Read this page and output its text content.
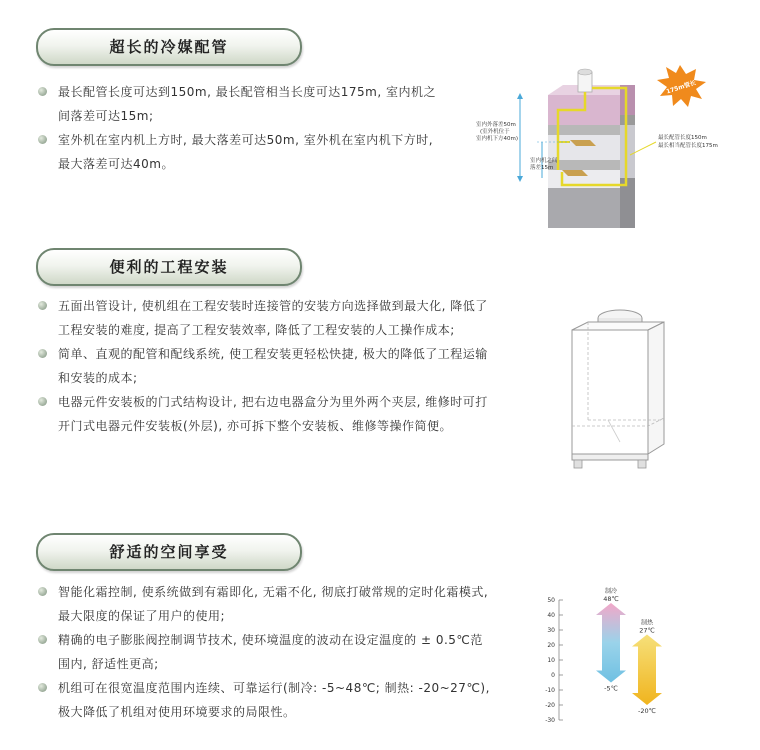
超长的冷媒配管
最长配管长度可达到150m, 最长配管相当长度可达175m, 室内机之间落差可达15m;
室外机在室内机上方时, 最大落差可达50m, 室外机在室内机下方时, 最大落差可达40m。
室内外落差50m
(室外机位于
室内机下方40m)
室内机之间
落差15m
最长配管长度150m
最长相当配管长度175m
175m管长
便利的工程安装
五面出管设计, 使机组在工程安装时连接管的安装方向选择做到最大化, 降低了工程安装的难度, 提高了工程安装效率, 降低了工程安装的人工操作成本;
简单、直观的配管和配线系统, 使工程安装更轻松快捷, 极大的降低了工程运输和安装的成本;
电器元件安装板的门式结构设计, 把右边电器盒分为里外两个夹层, 维修时可打开门式电器元件安装板(外层), 亦可拆下整个安装板、维修等操作简便。
舒适的空间享受
智能化霜控制, 使系统做到有霜即化, 无霜不化, 彻底打破常规的定时化霜模式, 最大限度的保证了用户的使用;
精确的电子膨胀阀控制调节技术, 使环境温度的波动在设定温度的 ± 0.5℃范围内, 舒适性更高;
机组可在很宽温度范围内连续、可靠运行(制冷: -5~48℃; 制热: -20~27℃), 极大降低了机组对使用环境要求的局限性。
50
40
30
20
10
0
-10
-20
-30
制冷
48℃
-5℃
制热
27℃
-20℃
